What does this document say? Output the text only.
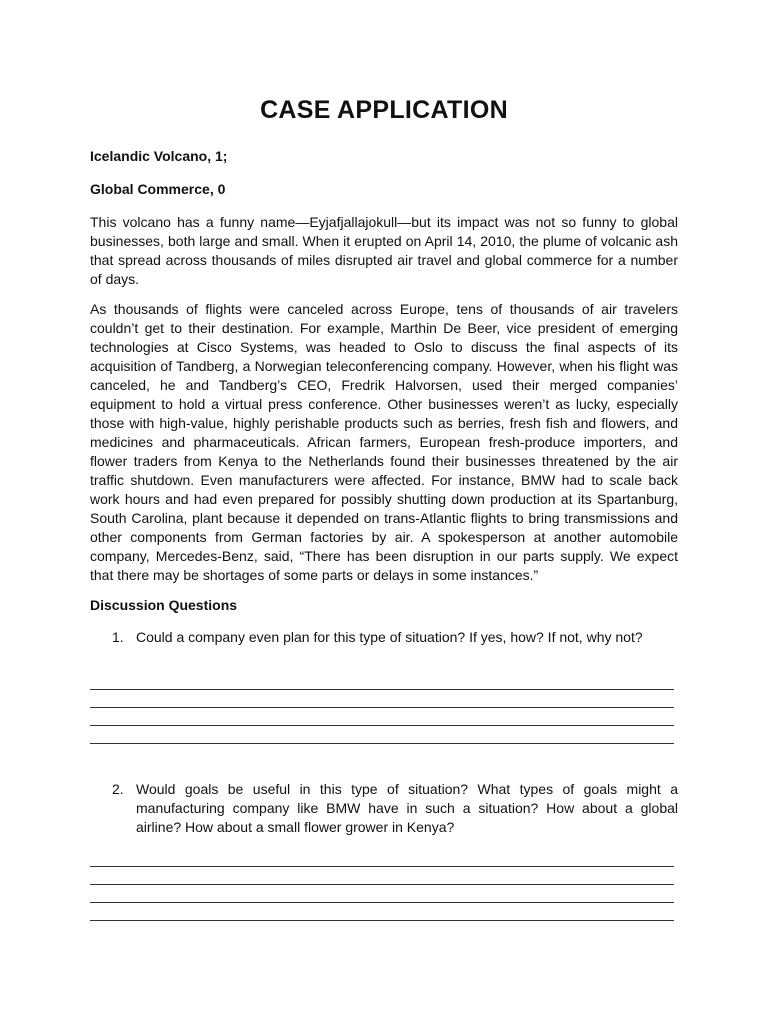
CASE APPLICATION

Icelandic Volcano, 1;

Global Commerce, 0

This volcano has a funny name—Eyjafjallajokull—but its impact was not so funny to global businesses, both large and small. When it erupted on April 14, 2010, the plume of volcanic ash that spread across thousands of miles disrupted air travel and global commerce for a number of days.

As thousands of flights were canceled across Europe, tens of thousands of air travelers couldn’t get to their destination. For example, Marthin De Beer, vice president of emerging technologies at Cisco Systems, was headed to Oslo to discuss the final aspects of its acquisition of Tandberg, a Norwegian teleconferencing company. However, when his flight was canceled, he and Tandberg’s CEO, Fredrik Halvorsen, used their merged companies’ equipment to hold a virtual press conference. Other businesses weren’t as lucky, especially those with high-value, highly perishable products such as berries, fresh fish and flowers, and medicines and pharmaceuticals. African farmers, European fresh-produce importers, and flower traders from Kenya to the Netherlands found their businesses threatened by the air traffic shutdown. Even manufacturers were affected. For instance, BMW had to scale back work hours and had even prepared for possibly shutting down production at its Spartanburg, South Carolina, plant because it depended on trans-Atlantic flights to bring transmissions and other components from German factories by air. A spokesperson at another automobile company, Mercedes-Benz, said, “There has been disruption in our parts supply. We expect that there may be shortages of some parts or delays in some instances.”

Discussion Questions

1. Could a company even plan for this type of situation? If yes, how? If not, why not?
2. Would goals be useful in this type of situation? What types of goals might a manufacturing company like BMW have in such a situation? How about a global airline? How about a small flower grower in Kenya?
